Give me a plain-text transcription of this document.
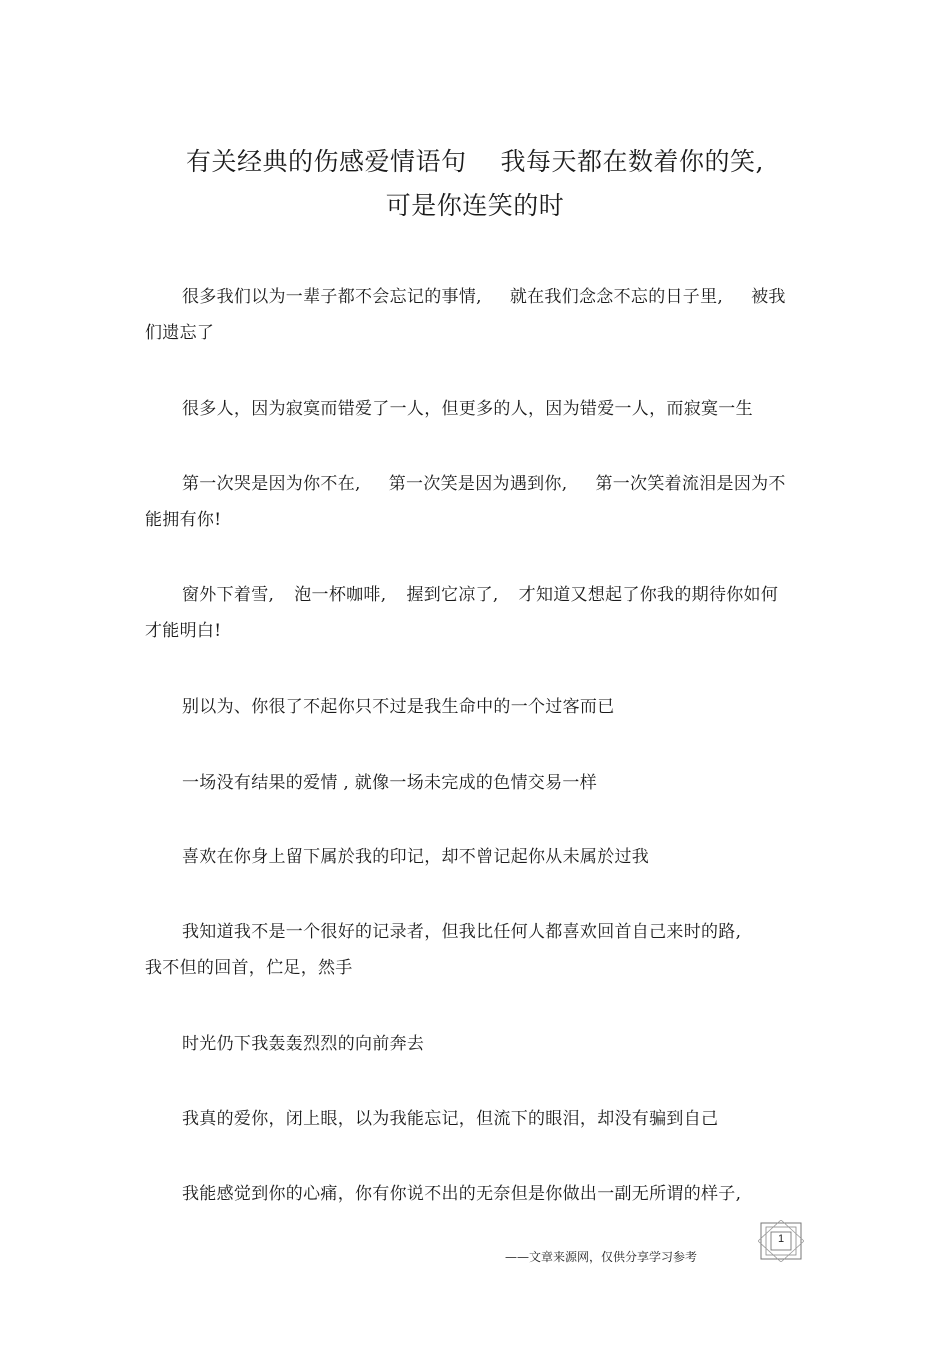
有关经典的伤感爱情语句 我每天都在数着你的笑,
可是你连笑的时
很多我们以为一辈子都不会忘记的事情, 就在我们念念不忘的日子里, 被我
们遗忘了
很多人，因为寂寞而错爱了一人，但更多的人，因为错爱一人，而寂寞一生
第一次哭是因为你不在, 第一次笑是因为遇到你, 第一次笑着流泪是因为不
能拥有你!
窗外下着雪, 泡一杯咖啡, 握到它凉了, 才知道又想起了你我的期待你如何
才能明白!
别以为、你很了不起你只不过是我生命中的一个过客而已
一场没有结果的爱情 , 就像一场未完成的色情交易一样
喜欢在你身上留下属於我的印记，却不曾记起你从未属於过我
我知道我不是一个很好的记录者，但我比任何人都喜欢回首自己来时的路,
我不但的回首，伫足，然手
时光仍下我轰轰烈烈的向前奔去
我真的爱你，闭上眼，以为我能忘记，但流下的眼泪，却没有骗到自己
我能感觉到你的心痛，你有你说不出的无奈但是你做出一副无所谓的样子,
——文章来源网，仅供分享学习参考
1
